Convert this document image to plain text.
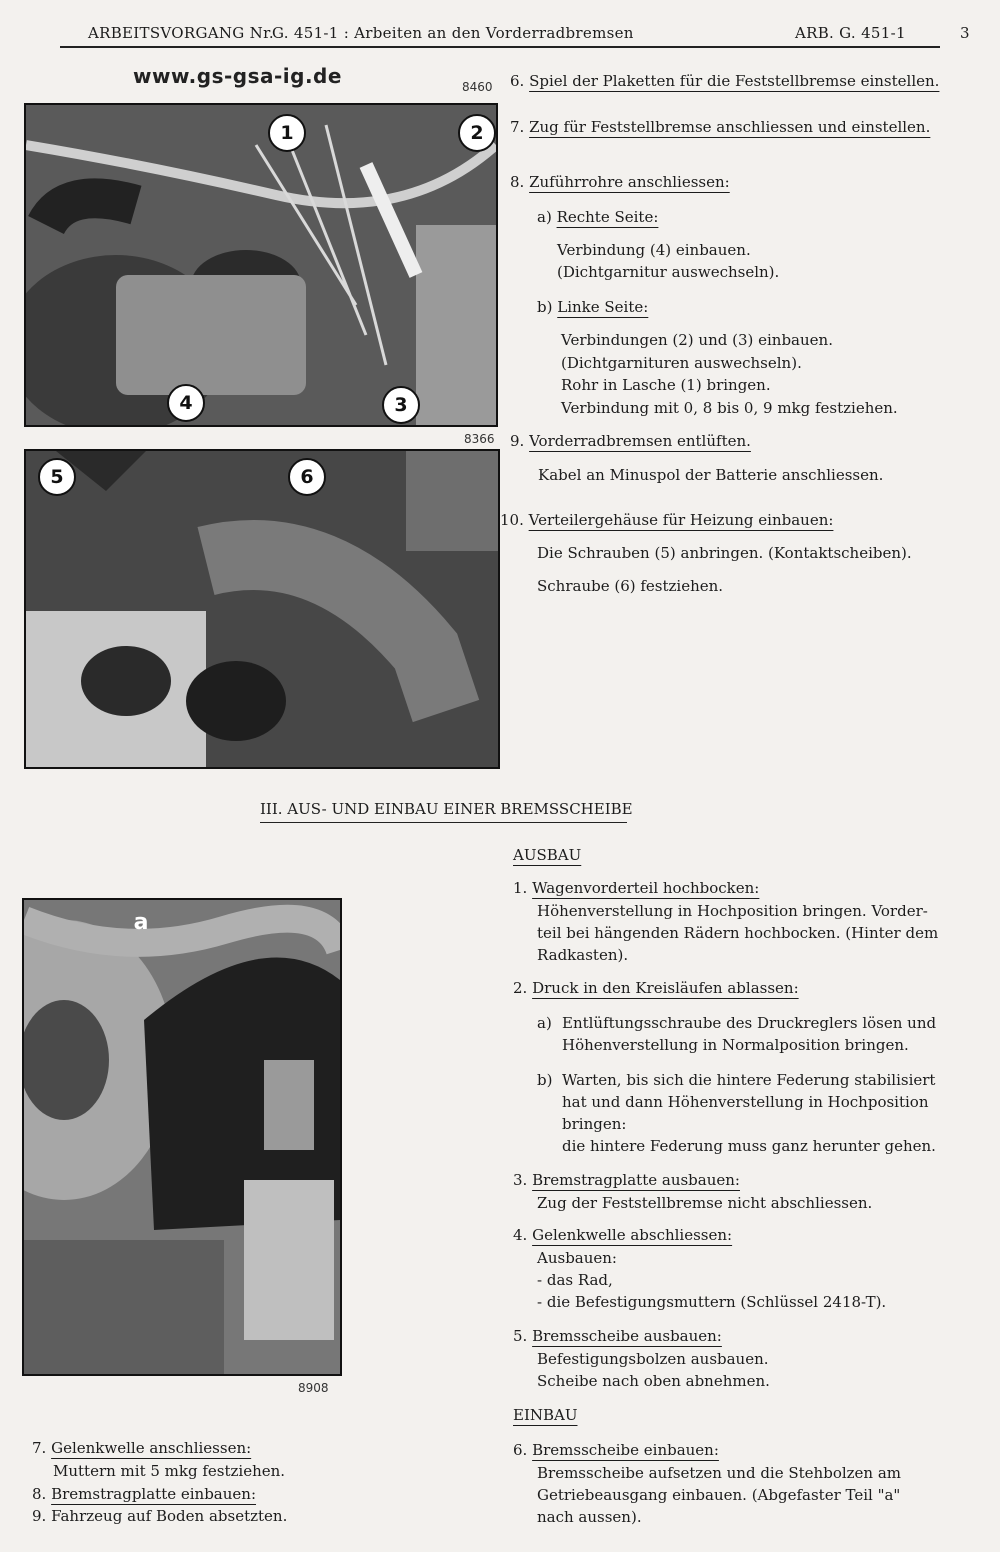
ARBEITSVORGANG Nr.
G. 451-1 : Arbeiten an den Vorderradbremsen	ARB. G. 451-1	3
www.gs-gsa-ig.de	8460
1	2
3
4
8366
5	6
6. Spiel der Plaketten für die Feststellbremse einstellen.
7. Zug für Feststellbremse anschliessen und einstellen.
8. Zuführrohre anschliessen:
a) Rechte Seite:
Verbindung (4) einbauen.
(Dichtgarnitur auswechseln).
b) Linke Seite:
Verbindungen (2) und (3) einbauen.
(Dichtgarnituren auswechseln).
Rohr in Lasche (1) bringen.
Verbindung mit 0, 8 bis 0, 9 mkg festziehen.
9. Vorderradbremsen entlüften.
Kabel an Minuspol der Batterie anschliessen.
10. Verteilergehäuse für Heizung einbauen:
Die Schrauben (5) anbringen. (Kontaktscheiben).
Schraube (6) festziehen.
III. AUS- UND EINBAU EINER BREMSSCHEIBE
a
8908
AUSBAU
1. Wagenvorderteil hochbocken:
Höhenverstellung in Hochposition bringen. Vorder-
teil bei hängenden Rädern hochbocken. (Hinter dem
Radkasten).
2. Druck in den Kreisläufen ablassen:
a) Entlüftungsschraube des Druckreglers lösen und
Höhenverstellung in Normalposition bringen.
b) Warten, bis sich die hintere Federung stabilisiert
hat und dann Höhenverstellung in Hochposition
bringen:
die hintere Federung muss ganz herunter gehen.
3. Bremstragplatte ausbauen:
Zug der Feststellbremse nicht abschliessen.
4. Gelenkwelle abschliessen:
Ausbauen:
- das Rad,
- die Befestigungsmuttern (Schlüssel 2418-T).
5. Bremsscheibe ausbauen:
Befestigungsbolzen ausbauen.
Scheibe nach oben abnehmen.
EINBAU
6. Bremsscheibe einbauen:
Bremsscheibe aufsetzen und die Stehbolzen am
Getriebeausgang einbauen. (Abgefaster Teil "a"
nach aussen).
7. Gelenkwelle anschliessen:
Muttern mit 5 mkg festziehen.
8. Bremstragplatte einbauen:
9. Fahrzeug auf Boden absetzten.
